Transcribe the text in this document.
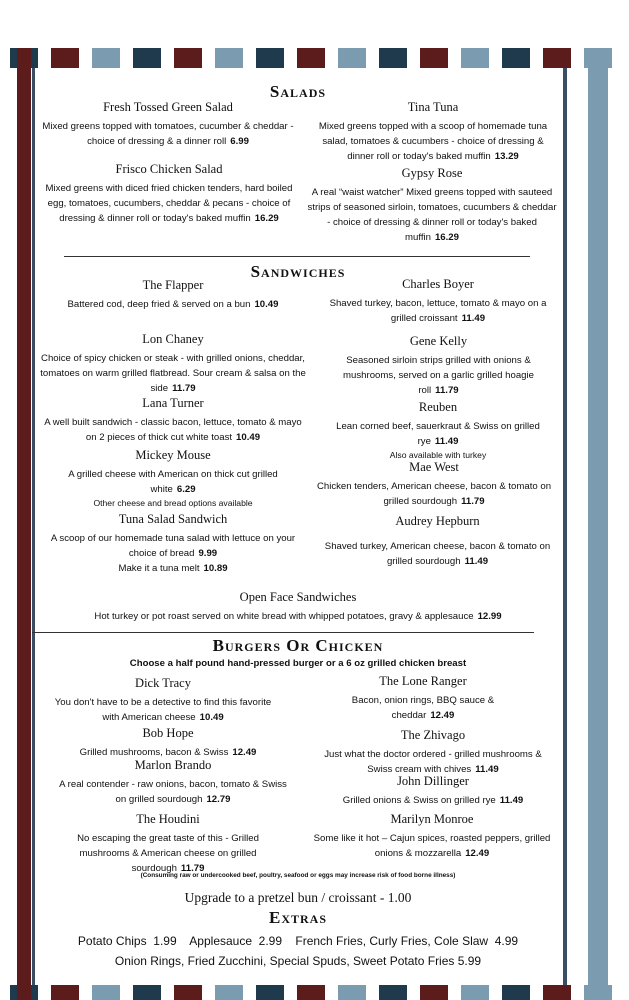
Salads
Fresh Tossed Green Salad
Mixed greens topped with tomatoes, cucumber & cheddar - choice of dressing & a dinner roll 6.99
Tina Tuna
Mixed greens topped with a scoop of homemade tuna salad, tomatoes & cucumbers - choice of dressing & dinner roll or today's baked muffin 13.29
Frisco Chicken Salad
Mixed greens with diced fried chicken tenders, hard boiled egg, tomatoes, cucumbers, cheddar & pecans - choice of dressing & dinner roll or today's baked muffin 16.29
Gypsy Rose
A real “waist watcher” Mixed greens topped with sauteed strips of seasoned sirloin, tomatoes, cucumbers & cheddar - choice of dressing & dinner roll or today's baked muffin 16.29
Sandwiches
The Flapper
Battered cod, deep fried & served on a bun 10.49
Charles Boyer
Shaved turkey, bacon, lettuce, tomato & mayo on a grilled croissant 11.49
Lon Chaney
Choice of spicy chicken or steak - with grilled onions, cheddar, tomatoes on warm grilled flatbread. Sour cream & salsa on the side 11.79
Gene Kelly
Seasoned sirloin strips grilled with onions & mushrooms, served on a garlic grilled hoagie roll 11.79
Lana Turner
A well built sandwich - classic bacon, lettuce, tomato & mayo on 2 pieces of thick cut white toast 10.49
Reuben
Lean corned beef, sauerkraut & Swiss on grilled rye 11.49
Also available with turkey
Mickey Mouse
A grilled cheese with American on thick cut grilled white 6.29
Other cheese and bread options available
Mae West
Chicken tenders, American cheese, bacon & tomato on grilled sourdough 11.79
Tuna Salad Sandwich
A scoop of our homemade tuna salad with lettuce on your choice of bread 9.99
Make it a tuna melt 10.89
Audrey Hepburn
Shaved turkey, American cheese, bacon & tomato on grilled sourdough 11.49
Open Face Sandwiches
Hot turkey or pot roast served on white bread with whipped potatoes, gravy & applesauce 12.99
Burgers Or Chicken
Choose a half pound hand-pressed burger or a 6 oz grilled chicken breast
Dick Tracy
You don't have to be a detective to find this favorite with American cheese 10.49
The Lone Ranger
Bacon, onion rings, BBQ sauce & cheddar 12.49
Bob Hope
Grilled mushrooms, bacon & Swiss 12.49
The Zhivago
Just what the doctor ordered - grilled mushrooms & Swiss cream with chives 11.49
Marlon Brando
A real contender - raw onions, bacon, tomato & Swiss on grilled sourdough 12.79
John Dillinger
Grilled onions & Swiss on grilled rye 11.49
The Houdini
No escaping the great taste of this - Grilled mushrooms & American cheese on grilled sourdough 11.79
Marilyn Monroe
Some like it hot – Cajun spices, roasted peppers, grilled onions & mozzarella 12.49
(Consuming raw or undercooked beef, poultry, seafood or eggs may increase risk of food borne illness)
Upgrade to a pretzel bun / croissant - 1.00
Extras
Potato Chips  1.99    Applesauce  2.99    French Fries, Curly Fries, Cole Slaw  4.99
Onion Rings, Fried Zucchini, Special Spuds, Sweet Potato Fries 5.99
